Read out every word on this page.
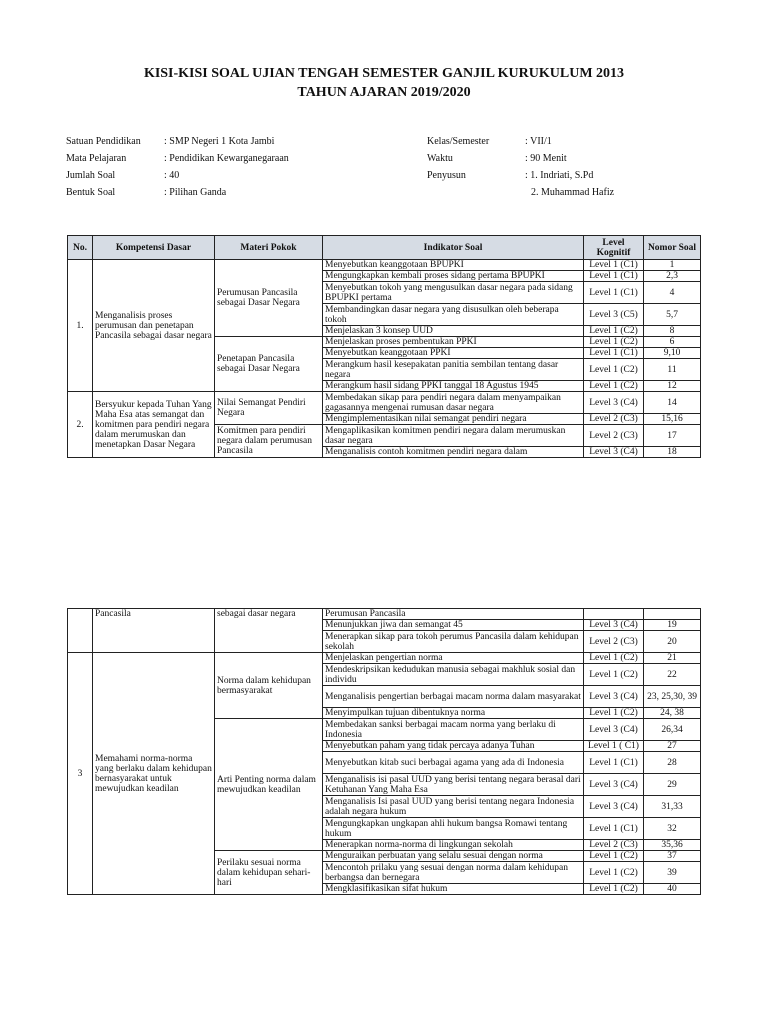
KISI-KISI SOAL UJIAN TENGAH SEMESTER GANJIL KURUKULUM 2013
TAHUN AJARAN 2019/2020
Satuan Pendidikan : SMP Negeri 1 Kota Jambi
Mata Pelajaran	: Pendidikan Kewarganegaraan
Jumlah Soal	: 40
Bentuk Soal	: Pilihan Ganda
Kelas/Semester	: VII/1
Waktu	: 90 Menit
Penyusun	: 1. Indriati, S.Pd
2. Muhammad Hafiz
No.	Kompetensi Dasar	Materi Pokok	Indikator Soal	Level Kognitif	Nomor Soal
1.	Menganalisis proses perumusan dan penetapan Pancasila sebagai dasar negara	Perumusan Pancasila sebagai Dasar Negara	Menyebutkan keanggotaan BPUPKI	Level 1 (C1)	1
			Mengungkapkan kembali proses sidang pertama BPUPKI	Level 1 (C1)	2,3
			Menyebutkan tokoh yang mengusulkan dasar negara pada sidang BPUPKI pertama	Level 1 (C1)	4
			Membandingkan dasar negara yang disusulkan oleh beberapa tokoh	Level 3 (C5)	5,7
			Menjelaskan 3 konsep UUD	Level 1 (C2)	8
		Penetapan Pancasila sebagai Dasar Negara	Menjelaskan proses pembentukan PPKI	Level 1 (C2)	6
			Menyebutkan keanggotaan PPKI	Level 1 (C1)	9,10
			Merangkum hasil kesepakatan panitia sembilan tentang dasar negara	Level 1 (C2)	11
			Merangkum hasil sidang PPKI tanggal 18 Agustus 1945	Level 1 (C2)	12
2.	Bersyukur kepada Tuhan Yang Maha Esa atas semangat dan komitmen para pendiri negara dalam merumuskan dan menetapkan Dasar Negara	Nilai Semangat Pendiri Negara	Membedakan sikap para pendiri negara dalam menyampaikan gagasannya mengenai rumusan dasar negara	Level 3 (C4)	14
			Mengimplementasikan nilai semangat pendiri negara	Level 2 (C3)	15,16
		Komitmen para pendiri negara dalam perumusan Pancasila	Mengaplikasikan komitmen pendiri negara dalam merumuskan dasar negara	Level 2 (C3)	17
			Menganalisis contoh komitmen pendiri negara dalam	Level 3 (C4)	18
	Pancasila	sebagai dasar negara	Perumusan Pancasila		
			Menunjukkan jiwa dan semangat 45	Level 3 (C4)	19
			Menerapkan sikap para tokoh perumus Pancasila dalam kehidupan sekolah	Level 2 (C3)	20
3	Memahami norma-norma yang berlaku dalam kehidupan bernasyarakat untuk mewujudkan keadilan	Norma dalam kehidupan bermasyarakat	Menjelaskan pengertian norma	Level 1 (C2)	21
			Mendeskripsikan kedudukan manusia sebagai makhluk sosial dan individu	Level 1 (C2)	22
			Menganalisis pengertian berbagai macam norma dalam masyarakat	Level 3 (C4)	23, 25,30, 39
			Menyimpulkan tujuan dibentuknya norma	Level 1 (C2)	24, 38
		Arti Penting norma dalam mewujudkan keadilan	Membedakan sanksi berbagai macam norma yang berlaku di Indonesia	Level 3 (C4)	26,34
			Menyebutkan paham yang tidak percaya adanya Tuhan	Level 1 ( C1)	27
			Menyebutkan kitab suci berbagai agama yang ada di Indonesia	Level 1 (C1)	28
			Menganalisis isi pasal UUD yang berisi tentang negara berasal dari Ketuhanan Yang Maha Esa	Level 3 (C4)	29
			Menganalisis Isi pasal UUD yang berisi tentang negara Indonesia adalah negara hukum	Level 3 (C4)	31,33
			Mengungkapkan ungkapan ahli hukum bangsa Romawi tentang hukum	Level 1 (C1)	32
			Menerapkan norma-norma di lingkungan sekolah	Level 2 (C3)	35,36
		Perilaku sesuai norma dalam kehidupan sehari-hari	Menguraikan perbuatan yang selalu sesuai dengan norma	Level 1 (C2)	37
			Mencontoh prilaku yang sesuai dengan norma dalam kehidupan berbangsa dan bernegara	Level 1 (C2)	39
			Mengklasifikasikan sifat hukum	Level 1 (C2)	40
